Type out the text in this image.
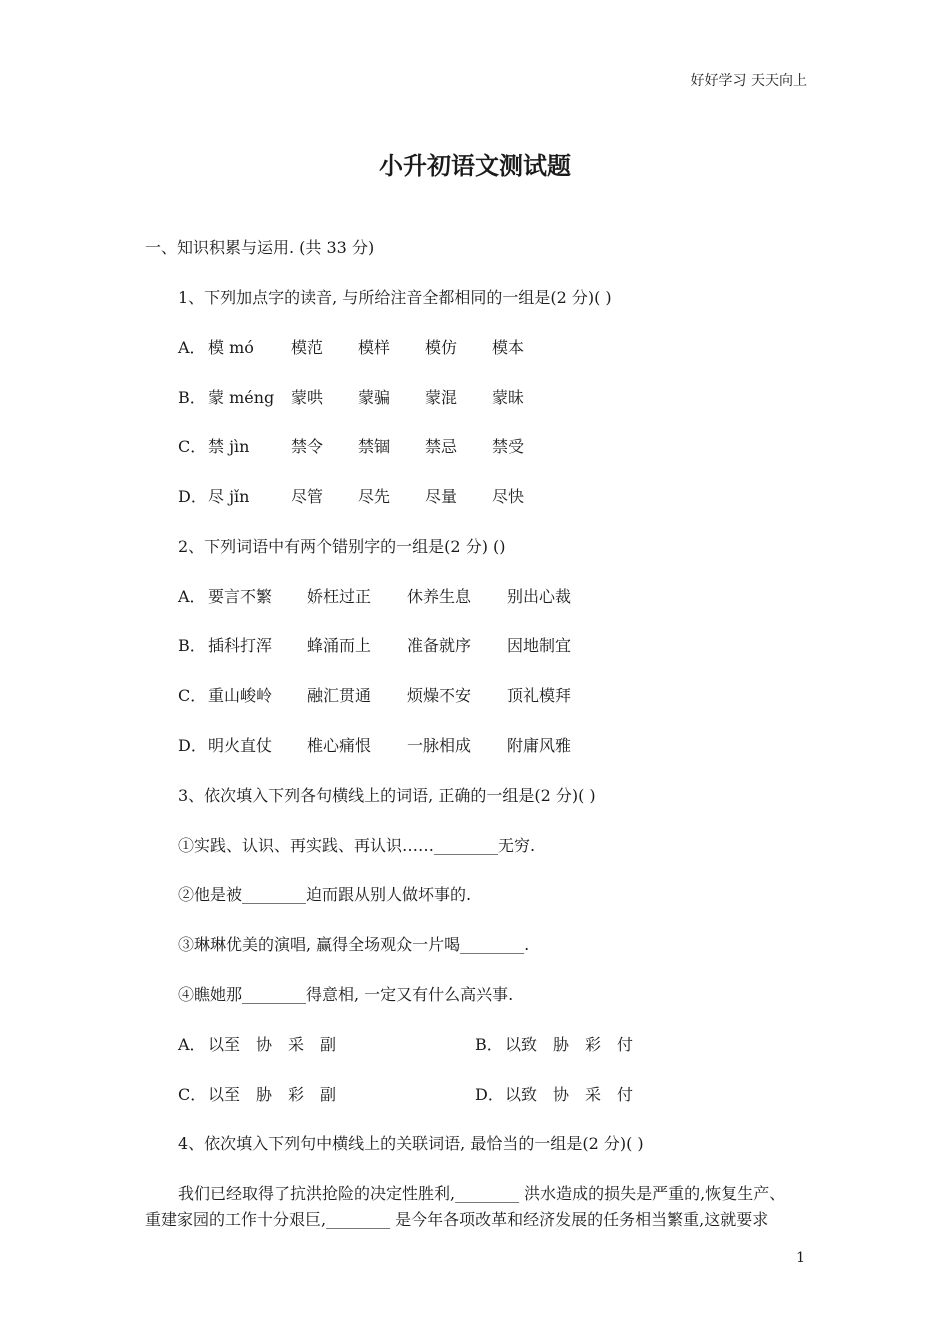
好好学习 天天向上
小升初语文测试题
一、知识积累与运用. (共 33 分)
1、下列加点字的读音, 与所给注音全都相同的一组是(2 分)( )
A． 模 mó 模范 模样 模仿 模本
B． 蒙 méng 蒙哄 蒙骗 蒙混 蒙昧
C． 禁 jìn	禁令 禁锢 禁忌 禁受
D．尽 jǐn	尽管 尽先 尽量 尽快
2、下列词语中有两个错别字的一组是(2 分) ()
A． 要言不繁 娇枉过正 休养生息 别出心裁
B． 插科打浑 蜂涌而上 准备就序 因地制宜
C． 重山峻岭 融汇贯通 烦燥不安 顶礼模拜
D．明火直仗 椎心痛恨 一脉相成 附庸风雅
3、依次填入下列各句横线上的词语, 正确的一组是(2 分)( )
①实践、认识、再实践、再认识……________无穷.
②他是被________迫而跟从别人做坏事的.
③琳琳优美的演唱, 赢得全场观众一片喝________.
④瞧她那________得意相, 一定又有什么高兴事.
A． 以至　协　采　副	B． 以致　胁　彩　付
C． 以至　胁　彩　副	D．以致　协　采　付
4、依次填入下列句中横线上的关联词语, 最恰当的一组是(2 分)( )
我们已经取得了抗洪抢险的决定性胜利,________ 洪水造成的损失是严重的,恢复生产、
重建家园的工作十分艰巨,________ 是今年各项改革和经济发展的任务相当繁重,这就要求
1
